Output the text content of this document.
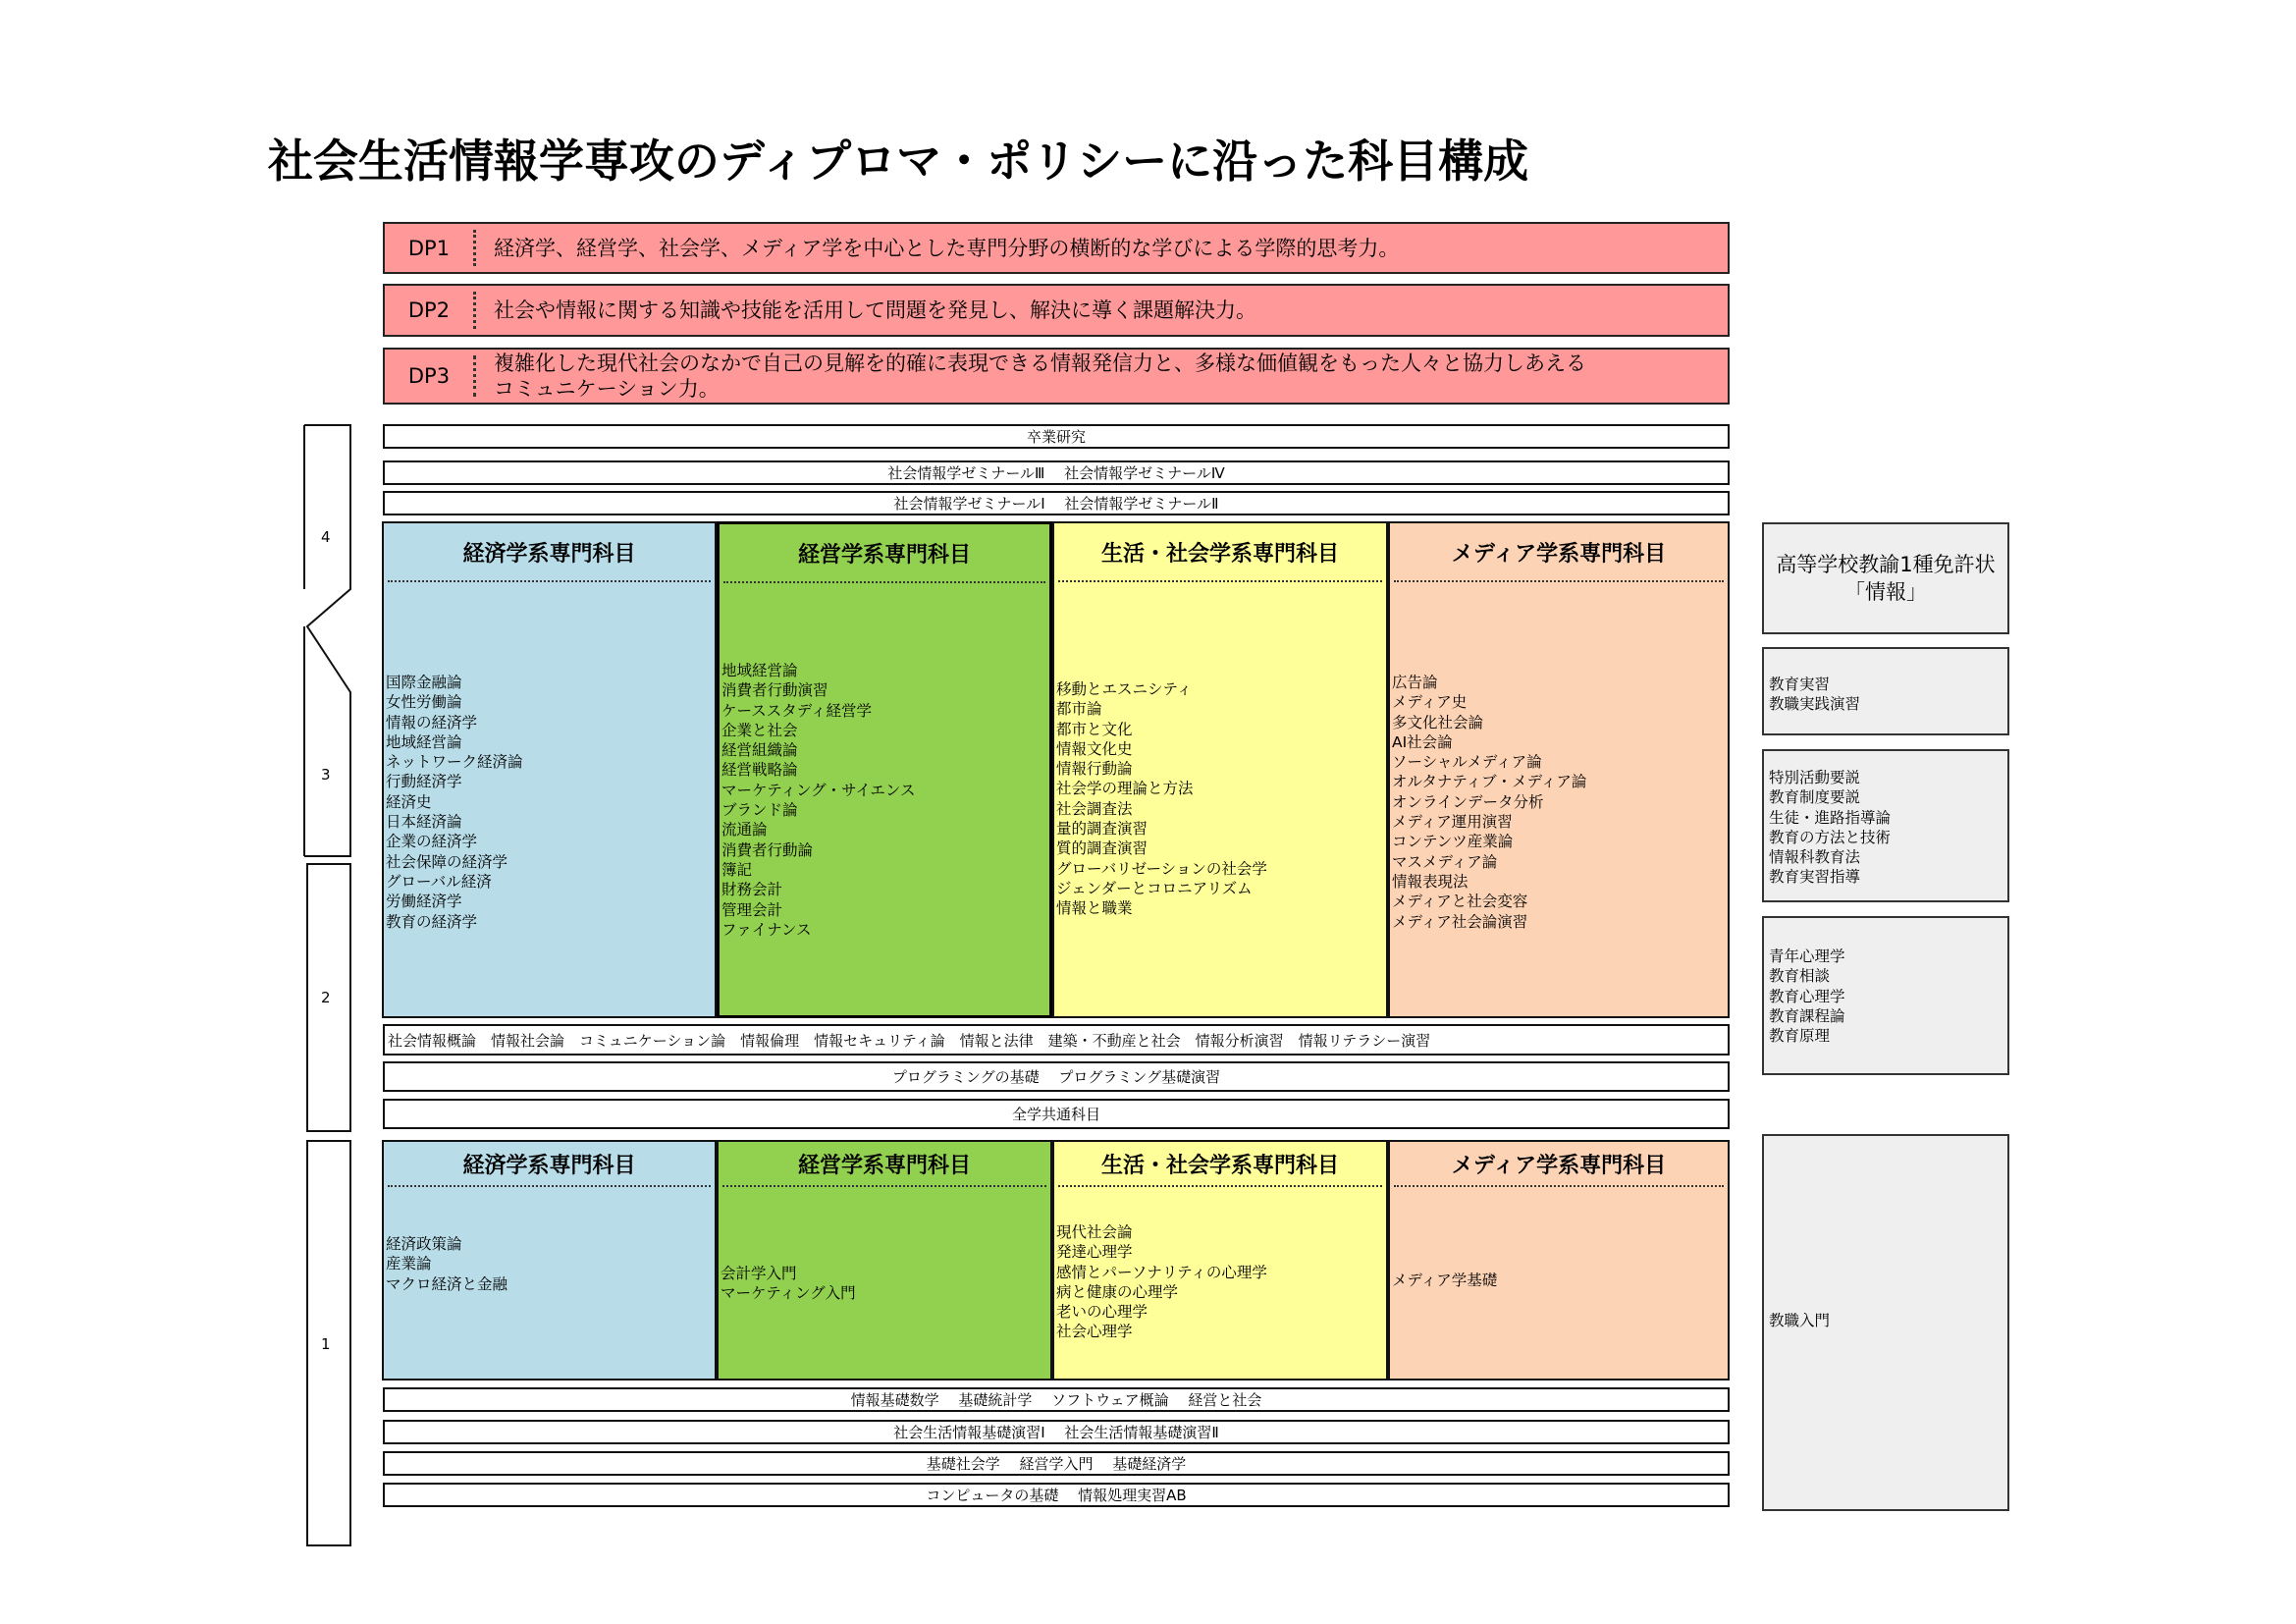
社会生活情報学専攻のディプロマ・ポリシーに沿った科目構成
DP1	経済学、経営学、社会学、メディア学を中心とした専門分野の横断的な学びによる学際的思考力。
DP2	社会や情報に関する知識や技能を活用して問題を発見し、解決に導く課題解決力。
DP3
複雑化した現代社会のなかで自己の見解を的確に表現できる情報発信力と、多様な価値観をもった人々と協力しあえる
コミュニケーション力。
4
3
2
1
卒業研究
社会情報学ゼミナールⅢ　 社会情報学ゼミナールⅣ
社会情報学ゼミナールⅠ　 社会情報学ゼミナールⅡ
経済学系専門科目
国際金融論
女性労働論
情報の経済学
地域経営論
ネットワーク経済論
行動経済学
経済史
日本経済論
企業の経済学
社会保障の経済学
グローバル経済
労働経済学
教育の経済学
経営学系専門科目
地域経営論
消費者行動演習
ケーススタディ経営学
企業と社会
経営組織論
経営戦略論
マーケティング・サイエンス
ブランド論
流通論
消費者行動論
簿記
財務会計
管理会計
ファイナンス
生活・社会学系専門科目
移動とエスニシティ
都市論
都市と文化
情報文化史
情報行動論
社会学の理論と方法
社会調査法
量的調査演習
質的調査演習
グローバリゼーションの社会学
ジェンダーとコロニアリズム
情報と職業
メディア学系専門科目
広告論
メディア史
多文化社会論
AI社会論
ソーシャルメディア論
オルタナティブ・メディア論
オンラインデータ分析
メディア運用演習
コンテンツ産業論
マスメディア論
情報表現法
メディアと社会変容
メディア社会論演習
社会情報概論　情報社会論　コミュニケーション論　情報倫理　情報セキュリティ論　情報と法律　建築・不動産と社会　情報分析演習　情報リテラシー演習
プログラミングの基礎　 プログラミング基礎演習
全学共通科目
経済学系専門科目
経済政策論
産業論
マクロ経済と金融
経営学系専門科目
会計学入門
マーケティング入門
生活・社会学系専門科目
現代社会論
発達心理学
感情とパーソナリティの心理学
病と健康の心理学
老いの心理学
社会心理学
メディア学系専門科目
メディア学基礎
情報基礎数学　 基礎統計学　 ソフトウェア概論　 経営と社会
社会生活情報基礎演習Ⅰ　 社会生活情報基礎演習Ⅱ
基礎社会学　 経営学入門　 基礎経済学
コンピュータの基礎　 情報処理実習AB
高等学校教諭1種免許状
「情報」
教育実習
教職実践演習
特別活動要説
教育制度要説
生徒・進路指導論
教育の方法と技術
情報科教育法
教育実習指導
青年心理学
教育相談
教育心理学
教育課程論
教育原理
教職入門
